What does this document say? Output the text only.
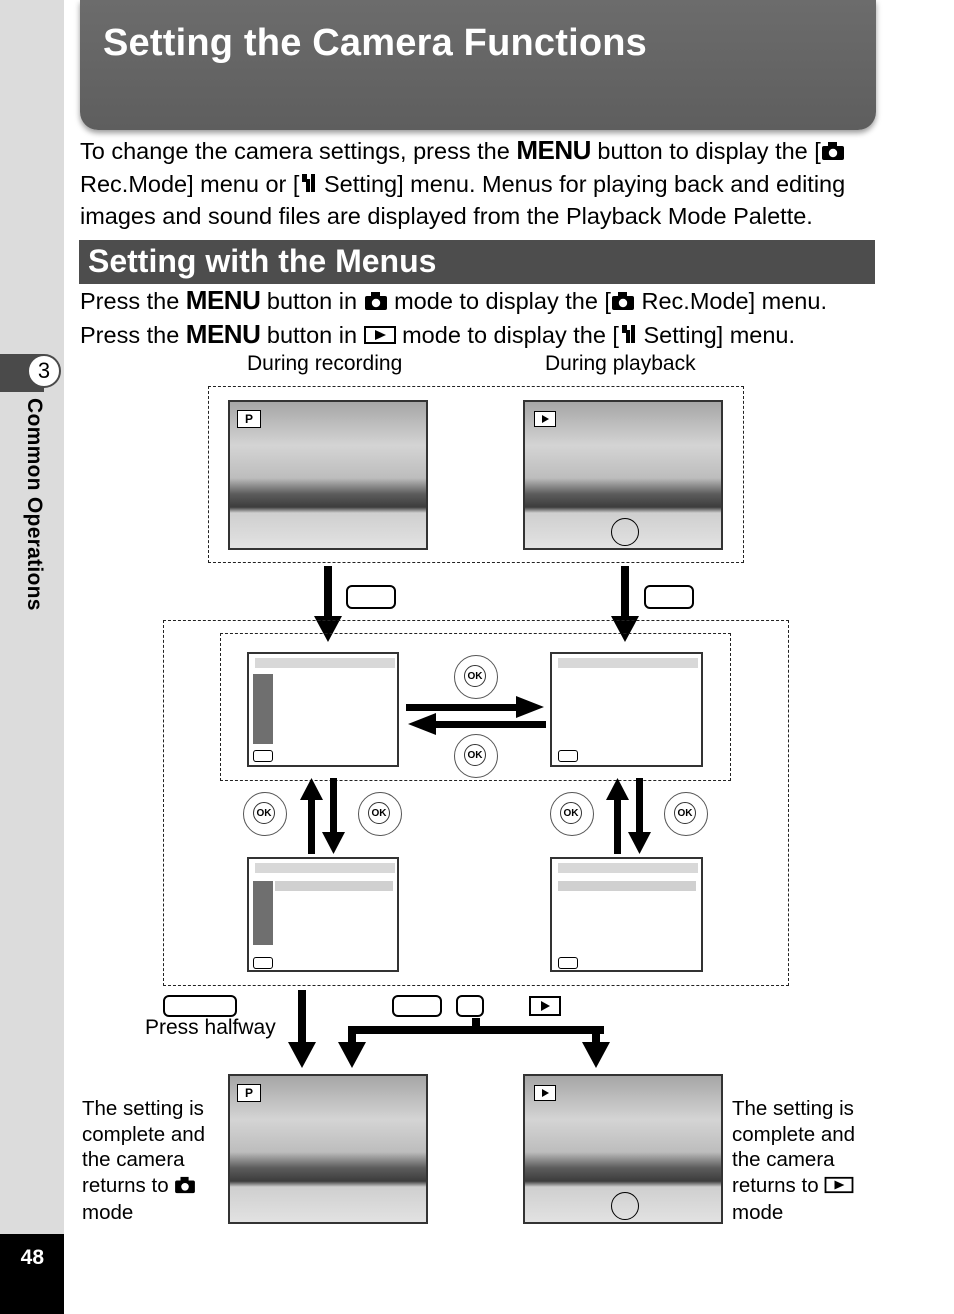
3
Common Operations
48
Setting the Camera Functions
To change the camera settings, press the MENU button to display the [
Rec.Mode] menu or [ Setting] menu. Menus for playing back and editing
images and sound files are displayed from the Playback Mode Palette.
Setting with the Menus
Press the MENU button in  mode to display the [ Rec.Mode] menu.
Press the MENU button in  mode to display the [ Setting] menu.
During recording	During playback
P
OK
OK
OK	OK	OK	OK
Press halfway
P
The setting is
complete and
the camera
returns to
mode
The setting is
complete and
the camera
returns to
mode
